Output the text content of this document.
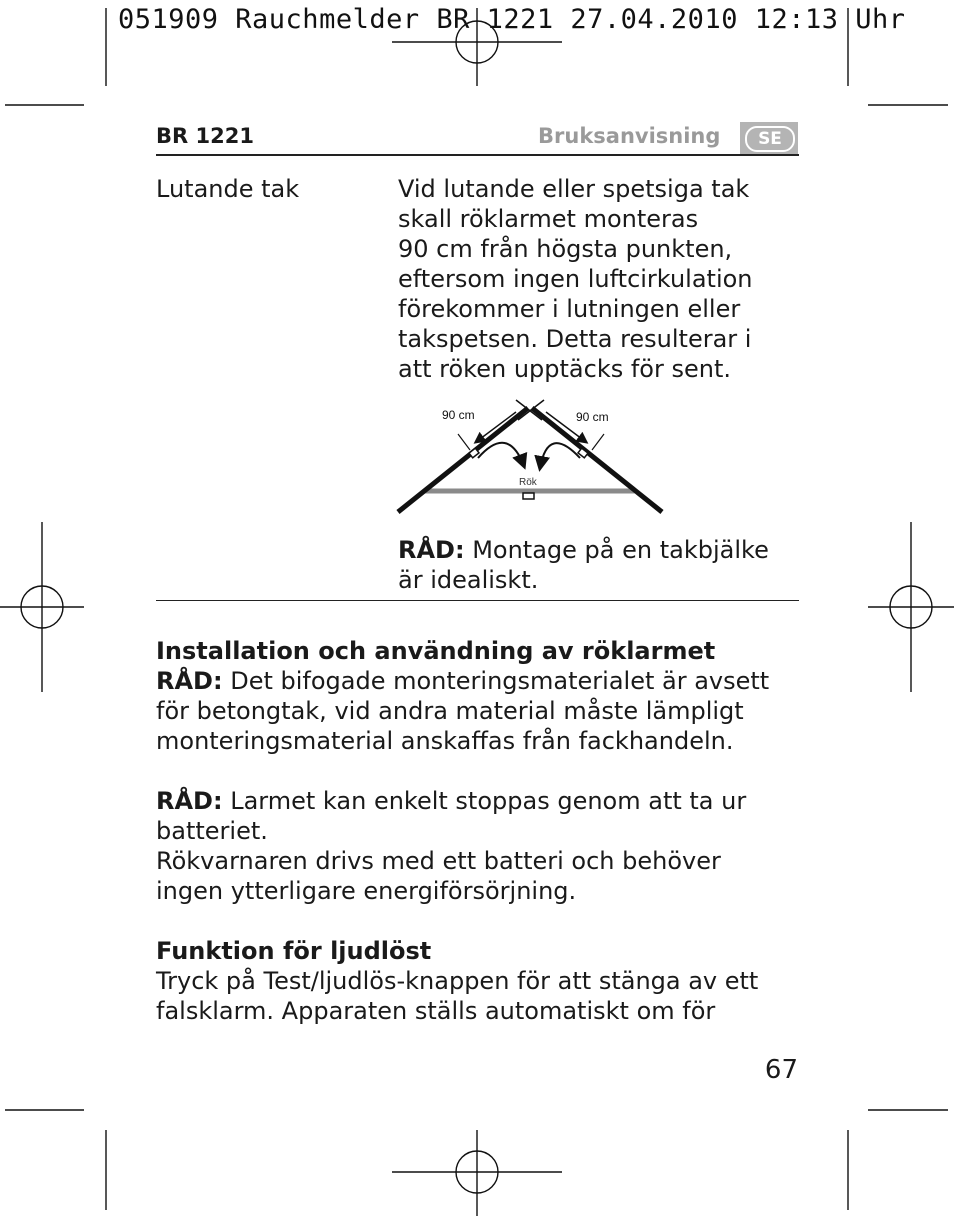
051909 Rauchmelder BR 1221 27.04.2010 12:13 Uhr
BR 1221	Bruksanvisning	SE
Lutande tak	Vid lutande eller spetsiga tak
skall röklarmet monteras
90 cm från högsta punkten,
eftersom ingen luftcirkulation
förekommer i lutningen eller
takspetsen. Detta resulterar i
att röken upptäcks för sent.
90 cm	90 cm
Rök
RÅD: Montage på en takbjälke
är idealiskt.
Installation och användning av röklarmet
RÅD: Det bifogade monteringsmaterialet är avsett
för betongtak, vid andra material måste lämpligt
monteringsmaterial anskaffas från fackhandeln.
RÅD: Larmet kan enkelt stoppas genom att ta ur
batteriet.
Rökvarnaren drivs med ett batteri och behöver
ingen ytterligare energiförsörjning.
Funktion för ljudlöst
Tryck på Test/ljudlös-knappen för att stänga av ett
falsklarm. Apparaten ställs automatiskt om för
67
